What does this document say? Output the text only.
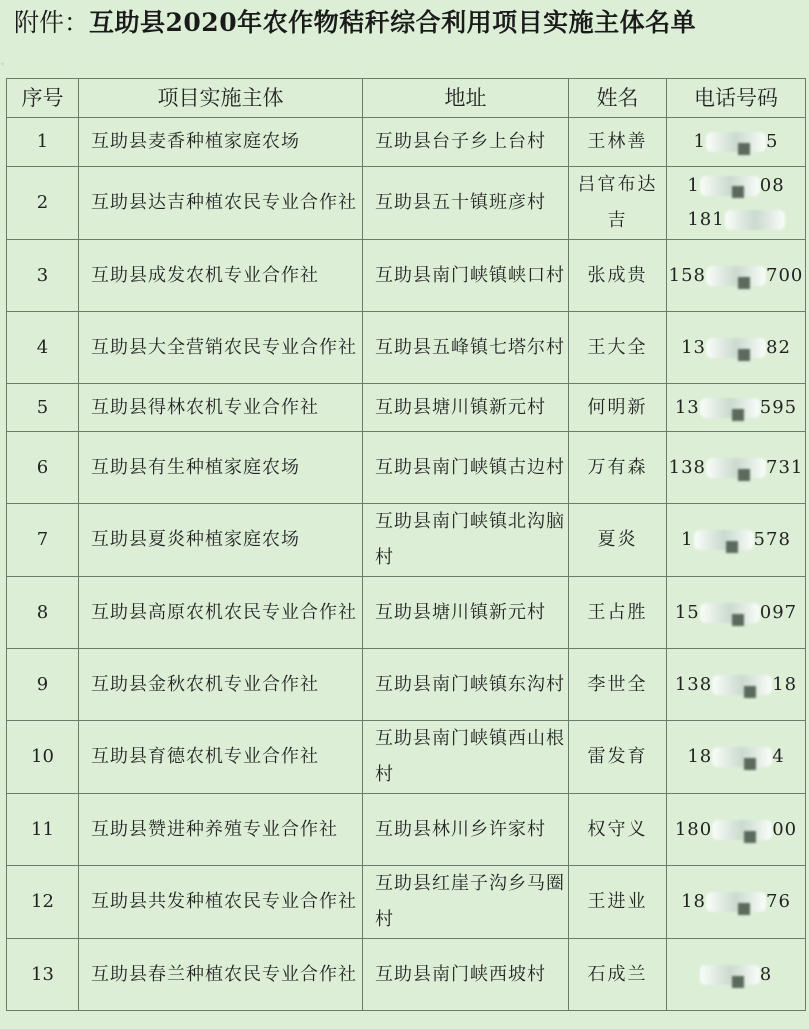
附件：互助县2020年农作物秸秆综合利用项目实施主体名单
◦
序号	项目实施主体	地址	姓名	电话号码
1	互助县麦香种植家庭农场	互助县台子乡上台村	王林善	1 5

2	互助县达吉种植农民专业合作社	互助县五十镇班彦村	吕官布达吉	1 08
181

3	互助县成发农机专业合作社	互助县南门峡镇峡口村	张成贵	158 700

4	互助县大全营销农民专业合作社	互助县五峰镇七塔尔村	王大全	13 82

5	互助县得林农机专业合作社	互助县塘川镇新元村	何明新	13 595

6	互助县有生种植家庭农场	互助县南门峡镇古边村	万有森	138 731

7	互助县夏炎种植家庭农场	互助县南门峡镇北沟脑村	夏炎	1 578

8	互助县高原农机农民专业合作社	互助县塘川镇新元村	王占胜	15 097

9	互助县金秋农机专业合作社	互助县南门峡镇东沟村	李世全	138 18

10	互助县育德农机专业合作社	互助县南门峡镇西山根村	雷发育	18 4

11	互助县赞进种养殖专业合作社	互助县林川乡许家村	权守义	180 00

12	互助县共发种植农民专业合作社	互助县红崖子沟乡马圈村	王进业	18 76

13	互助县春兰种植农民专业合作社	互助县南门峡西坡村	石成兰	8
